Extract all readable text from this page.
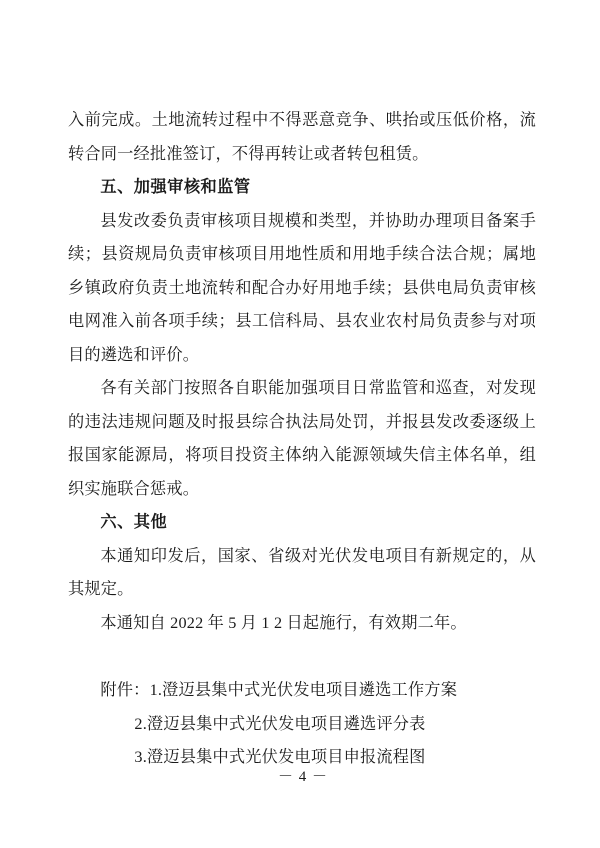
入前完成。土地流转过程中不得恶意竞争、哄抬或压低价格，流转合同一经批准签订，不得再转让或者转包租赁。

五、加强审核和监管

县发改委负责审核项目规模和类型，并协助办理项目备案手续；县资规局负责审核项目用地性质和用地手续合法合规；属地乡镇政府负责土地流转和配合办好用地手续；县供电局负责审核电网准入前各项手续；县工信科局、县农业农村局负责参与对项目的遴选和评价。

各有关部门按照各自职能加强项目日常监管和巡查，对发现的违法违规问题及时报县综合执法局处罚，并报县发改委逐级上报国家能源局，将项目投资主体纳入能源领域失信主体名单，组织实施联合惩戒。

六、其他

本通知印发后，国家、省级对光伏发电项目有新规定的，从其规定。

本通知自 2022 年 5 月 1 2 日起施行，有效期二年。

附件：1.澄迈县集中式光伏发电项目遴选工作方案

2.澄迈县集中式光伏发电项目遴选评分表

3.澄迈县集中式光伏发电项目申报流程图

－ 4 －
